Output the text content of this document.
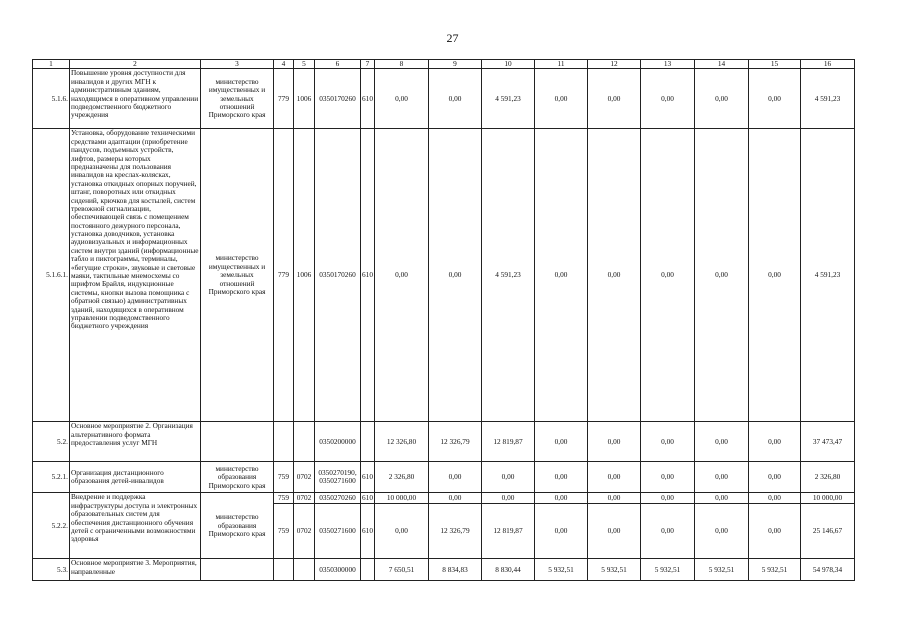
27
1	2	3	4	5	6	7	8	9	10	11	12	13	14	15	16
5.1.6.	Повышение уровня доступности для инвалидов и других МГН к административным зданиям, находящимся в оперативном управлении подведомственного бюджетного учреждения	министерство имущественных и земельных отношений Приморского края	779	1006	0350170260	610	0,00	0,00	4 591,23	0,00	0,00	0,00	0,00	0,00	4 591,23
5.1.6.1.	Установка, оборудование техническими средствами адаптации (приобретение пандусов, подъемных устройств, лифтов, размеры которых предназначены для пользования инвалидов на креслах-колясках, установка откидных опорных поручней, штанг, поворотных или откидных сидений, крючков для костылей, систем тревожной сигнализации, обеспечивающей связь с помещением постоянного дежурного персонала, установка доводчиков, установка аудиовизуальных и информационных систем внутри зданий (информационные табло и пиктограммы, терминалы, «бегущие строки», звуковые и световые маяки, тактильные мнемосхемы со шрифтом Брайля, индукционные системы, кнопки вызова помощника с обратной связью) административных зданий, находящихся в оперативном управлении подведомственного бюджетного учреждения	министерство имущественных и земельных отношений Приморского края	779	1006	0350170260	610	0,00	0,00	4 591,23	0,00	0,00	0,00	0,00	0,00	4 591,23
5.2.	Основное мероприятие 2. Организация альтернативного формата предоставления услуг МГН				0350200000		12 326,80	12 326,79	12 819,87	0,00	0,00	0,00	0,00	0,00	37 473,47
5.2.1.	Организация дистанционного образования детей-инвалидов	министерство образования Приморского края	759	0702	0350270190, 0350271600	610	2 326,80	0,00	0,00	0,00	0,00	0,00	0,00	0,00	2 326,80
5.2.2.	Внедрение и поддержка инфраструктуры доступа и электронных образовательных систем для обеспечения дистанционного обучения детей с ограниченными возможностями здоровья	министерство образования Приморского края	759	0702	0350270260	610	10 000,00	0,00	0,00	0,00	0,00	0,00	0,00	0,00	10 000,00
			759	0702	0350271600	610	0,00	12 326,79	12 819,87	0,00	0,00	0,00	0,00	0,00	25 146,67
5.3.	Основное мероприятие 3. Мероприятия, направленные				0350300000		7 650,51	8 834,83	8 830,44	5 932,51	5 932,51	5 932,51	5 932,51	5 932,51	54 978,34
